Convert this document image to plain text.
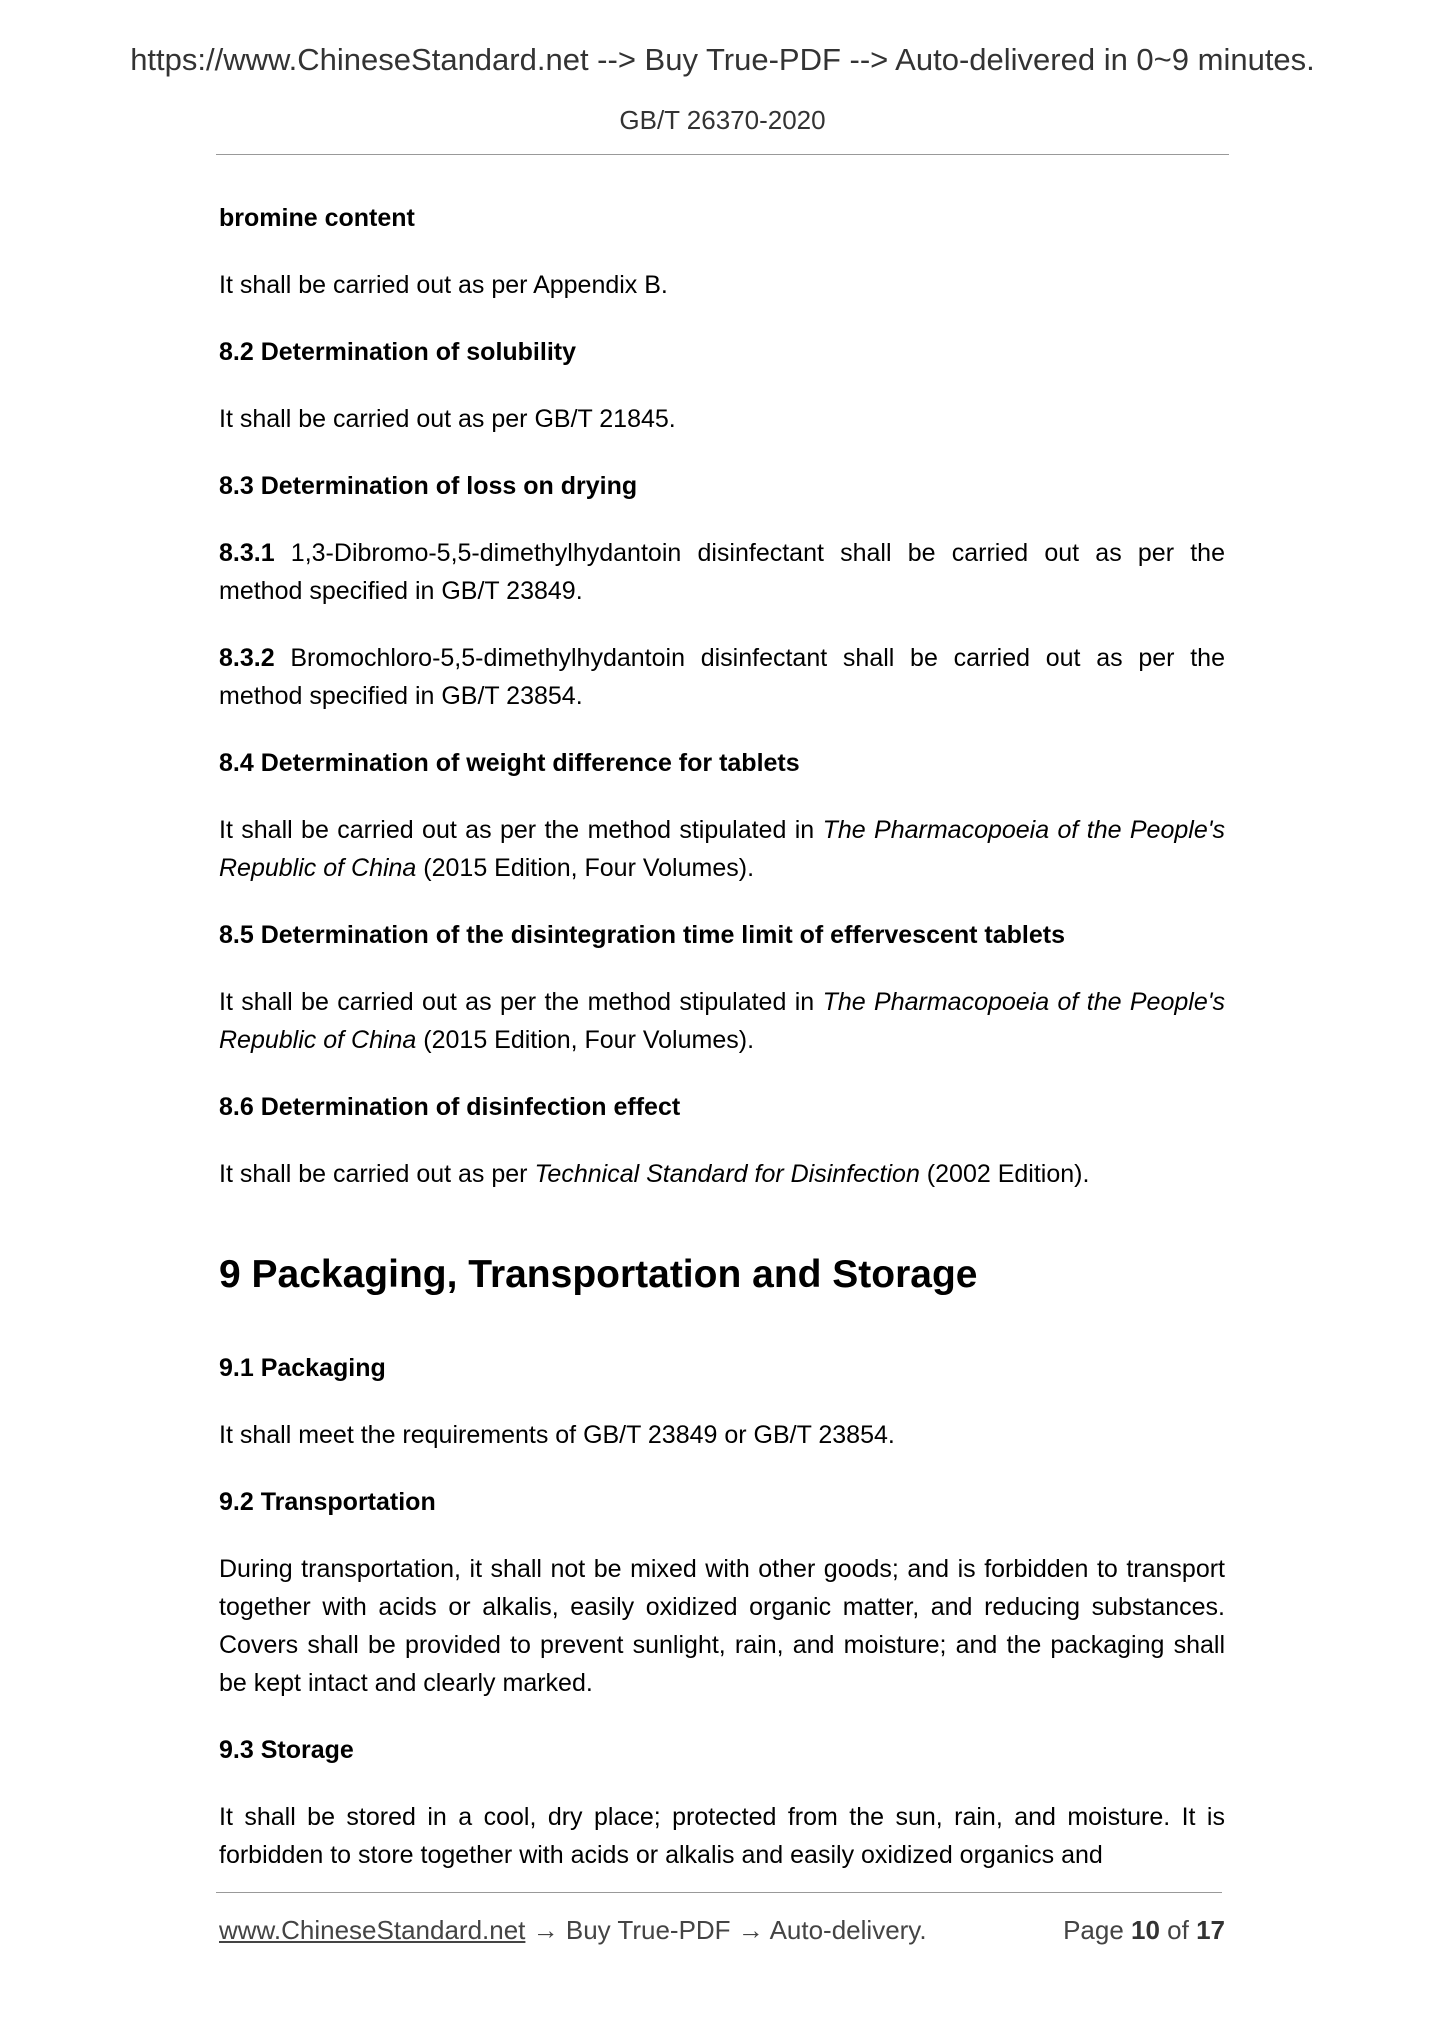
https://www.ChineseStandard.net --> Buy True-PDF --> Auto-delivered in 0~9 minutes.
GB/T 26370-2020
bromine content
It shall be carried out as per Appendix B.
8.2 Determination of solubility
It shall be carried out as per GB/T 21845.
8.3 Determination of loss on drying
8.3.1 1,3-Dibromo-5,5-dimethylhydantoin disinfectant shall be carried out as per the method specified in GB/T 23849.
8.3.2 Bromochloro-5,5-dimethylhydantoin disinfectant shall be carried out as per the method specified in GB/T 23854.
8.4 Determination of weight difference for tablets
It shall be carried out as per the method stipulated in The Pharmacopoeia of the People's Republic of China (2015 Edition, Four Volumes).
8.5 Determination of the disintegration time limit of effervescent tablets
It shall be carried out as per the method stipulated in The Pharmacopoeia of the People's Republic of China (2015 Edition, Four Volumes).
8.6 Determination of disinfection effect
It shall be carried out as per Technical Standard for Disinfection (2002 Edition).
9 Packaging, Transportation and Storage
9.1 Packaging
It shall meet the requirements of GB/T 23849 or GB/T 23854.
9.2 Transportation
During transportation, it shall not be mixed with other goods; and is forbidden to transport together with acids or alkalis, easily oxidized organic matter, and reducing substances. Covers shall be provided to prevent sunlight, rain, and moisture; and the packaging shall be kept intact and clearly marked.
9.3 Storage
It shall be stored in a cool, dry place; protected from the sun, rain, and moisture. It is forbidden to store together with acids or alkalis and easily oxidized organics and
www.ChineseStandard.net → Buy True-PDF → Auto-delivery.	Page 10 of 17
